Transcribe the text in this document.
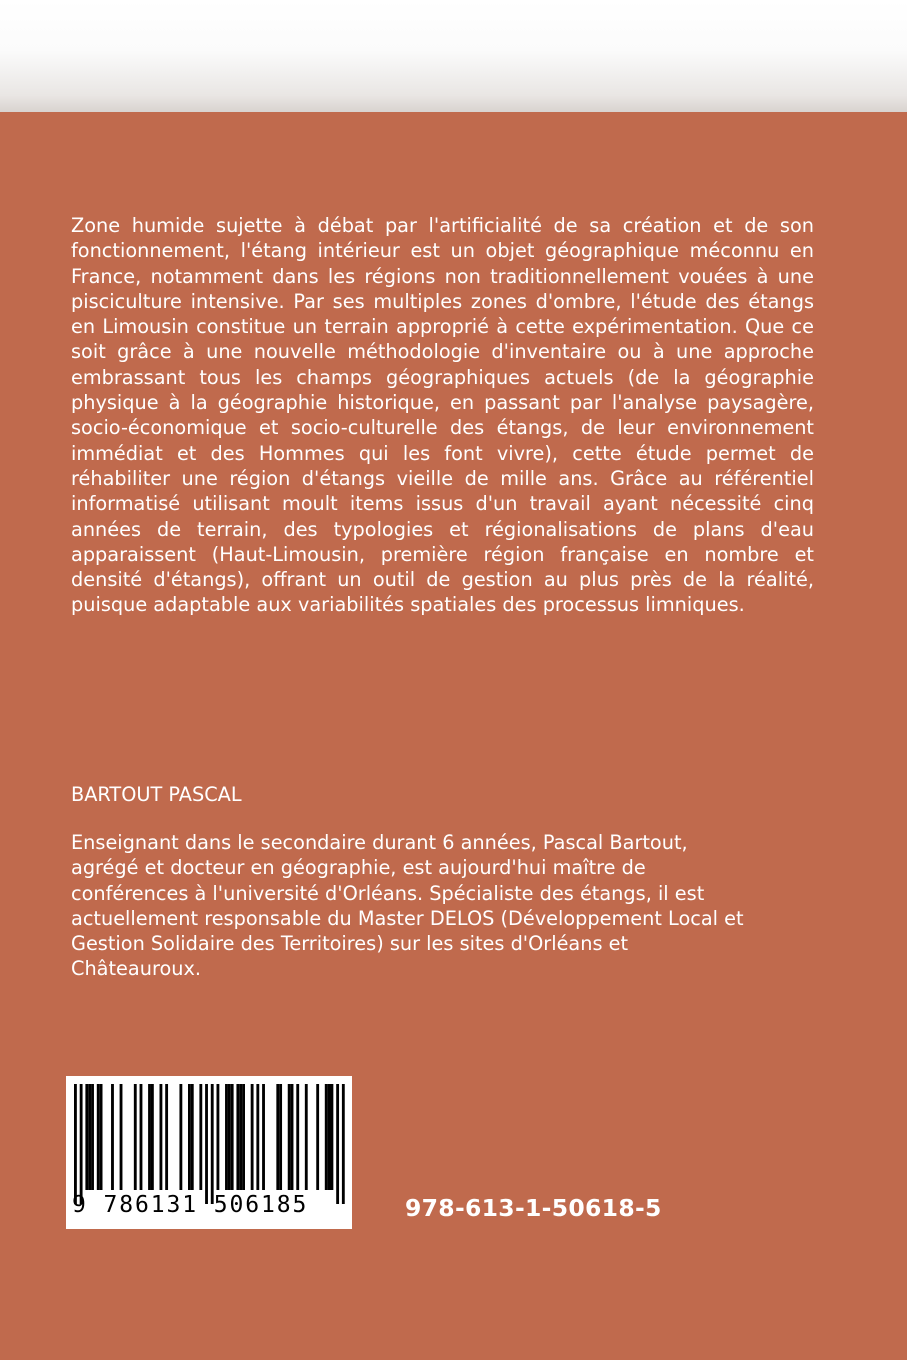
Zone humide sujette à débat par l'artificialité de sa création et de son fonctionnement, l'étang intérieur est un objet géographique méconnu en France, notamment dans les régions non traditionnellement vouées à une pisciculture intensive. Par ses multiples zones d'ombre, l'étude des étangs en Limousin constitue un terrain approprié à cette expérimentation. Que ce soit grâce à une nouvelle méthodologie d'inventaire ou à une approche embrassant tous les champs géographiques actuels (de la géographie physique à la géographie historique, en passant par l'analyse paysagère, socio-économique et socio-culturelle des étangs, de leur environnement immédiat et des Hommes qui les font vivre), cette étude permet de réhabiliter une région d'étangs vieille de mille ans. Grâce au référentiel informatisé utilisant moult items issus d'un travail ayant nécessité cinq années de terrain, des typologies et régionalisations de plans d'eau apparaissent (Haut-Limousin, première région française en nombre et densité d'étangs), offrant un outil de gestion au plus près de la réalité, puisque adaptable aux variabilités spatiales des processus limniques.

BARTOUT PASCAL

Enseignant dans le secondaire durant 6 années, Pascal Bartout,
agrégé et docteur en géographie, est aujourd'hui maître de
conférences à l'université d'Orléans. Spécialiste des étangs, il est
actuellement responsable du Master DELOS (Développement Local et
Gestion Solidaire des Territoires) sur les sites d'Orléans et
Châteauroux.

9 786131 506185	978-613-1-50618-5
